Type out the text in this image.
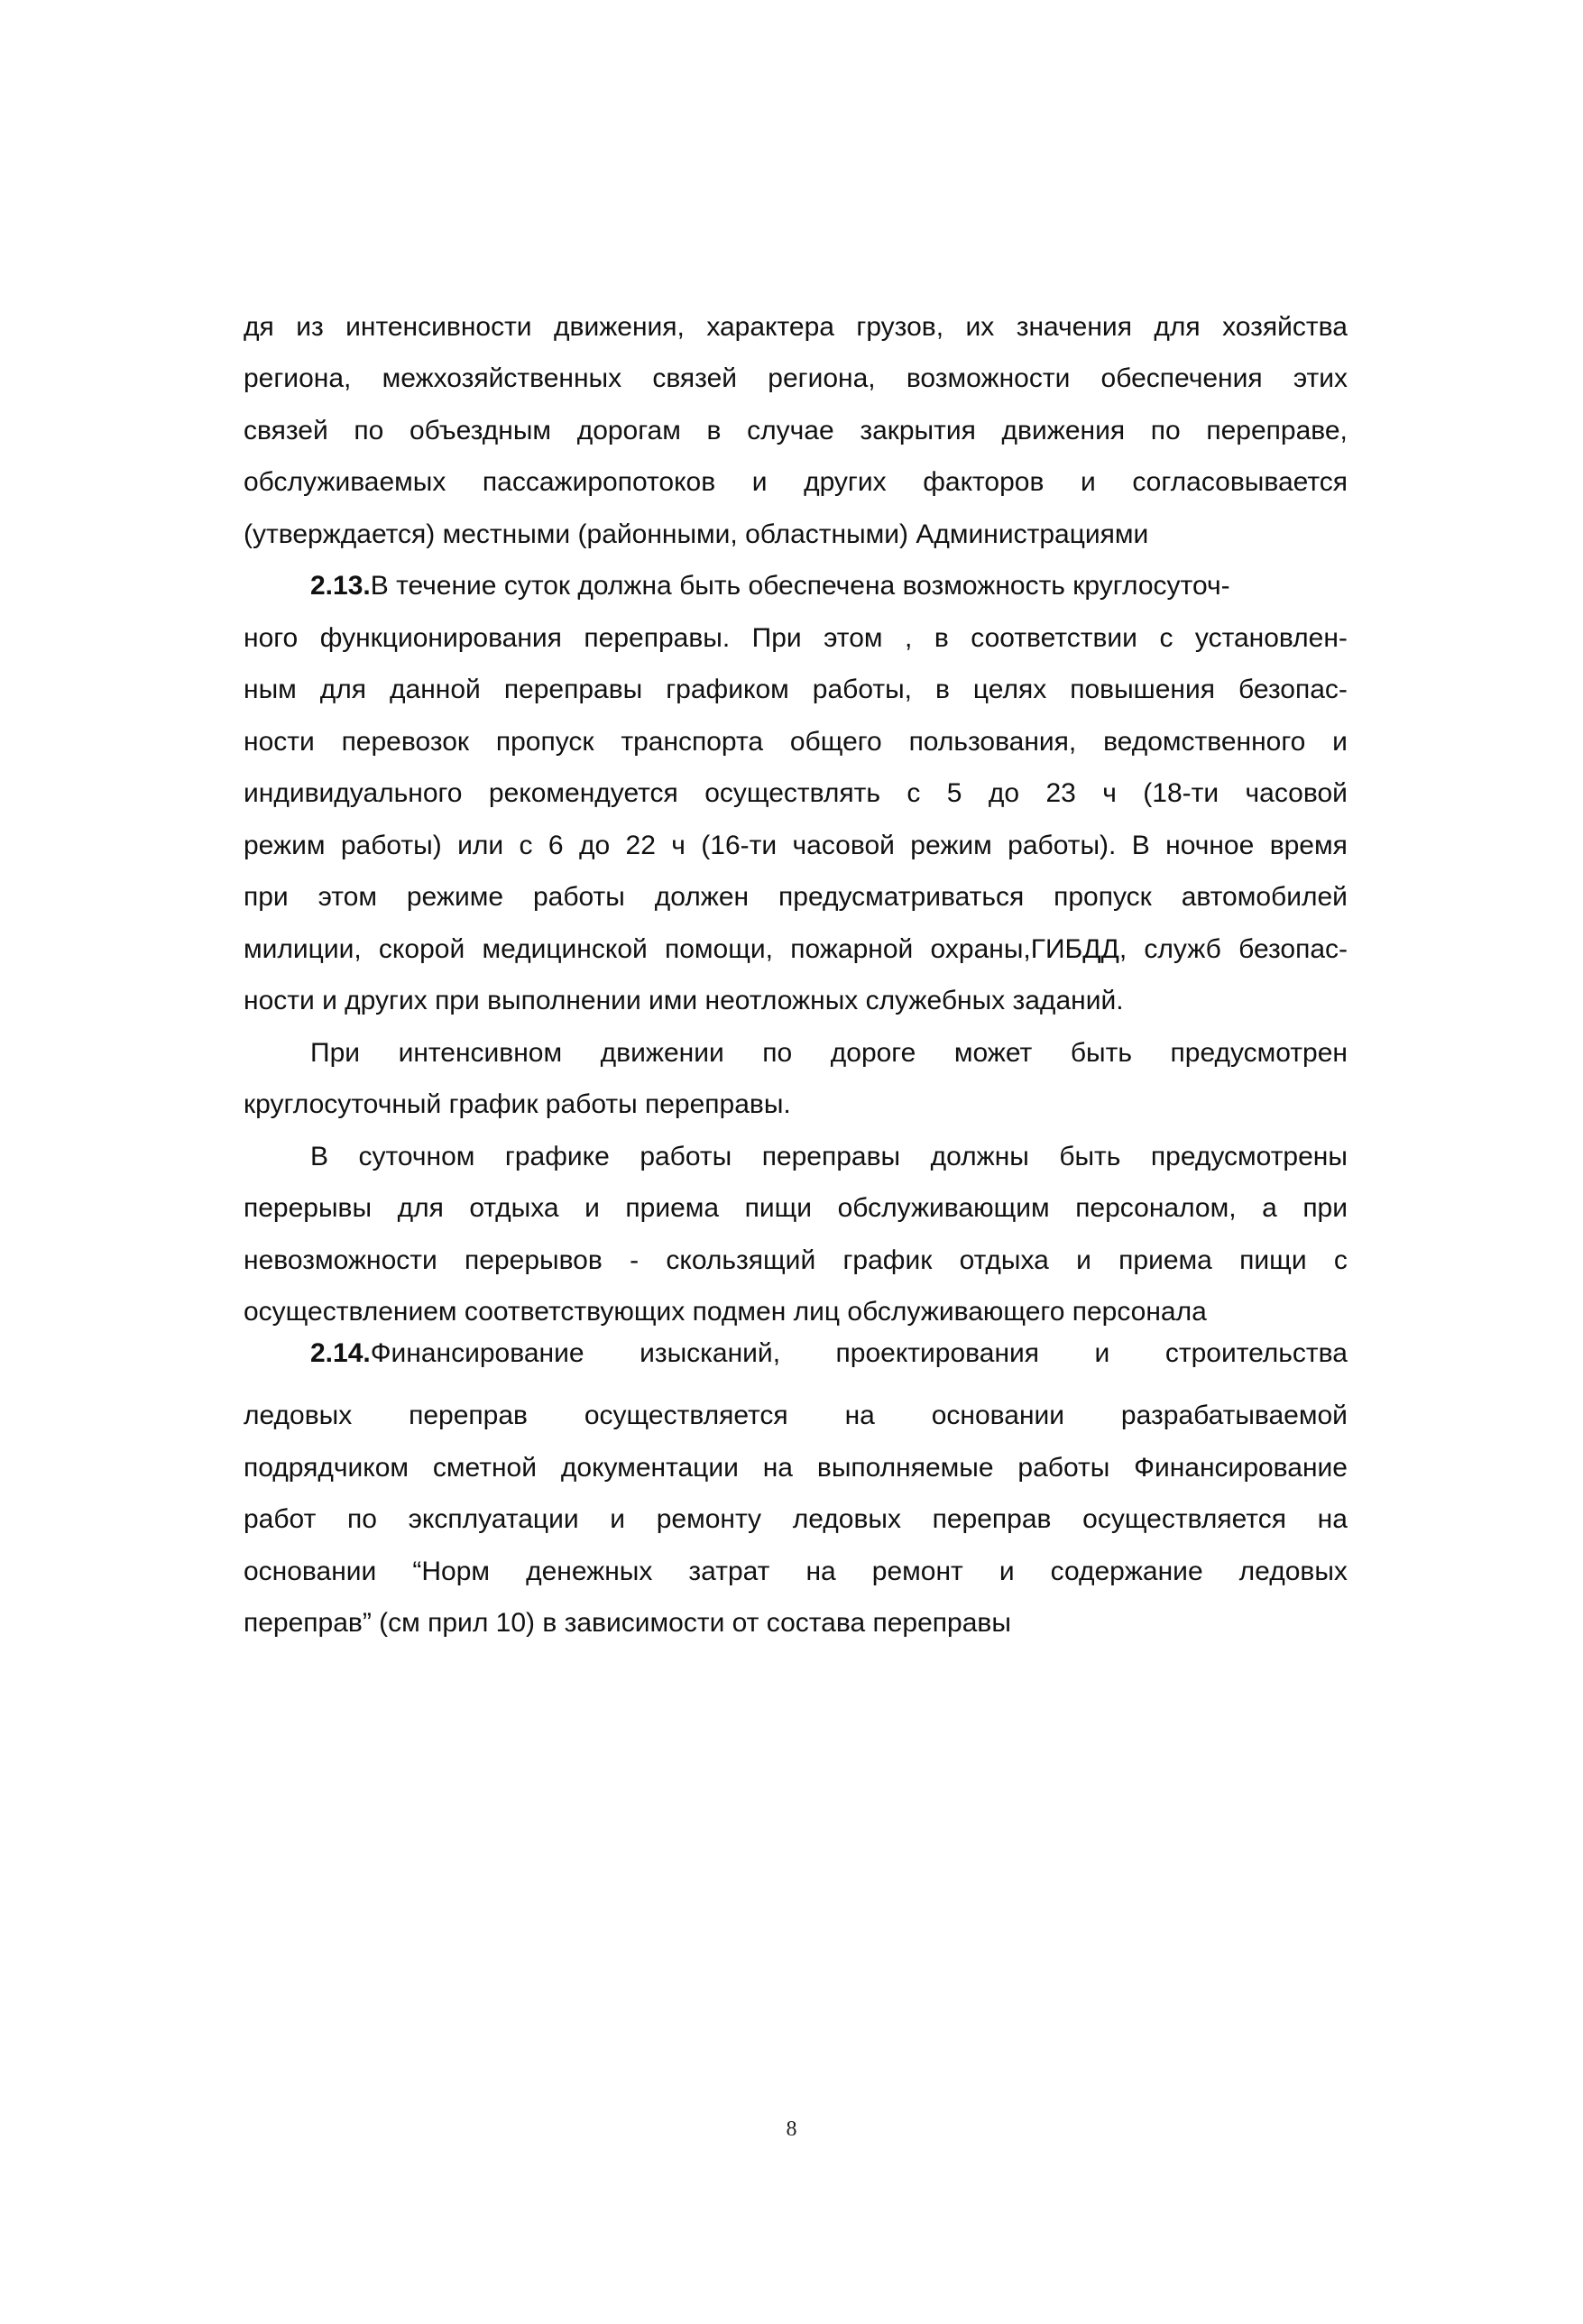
дя из интенсивности движения, характера грузов, их значения для хозяйства
региона, межхозяйственных связей региона, возможности обеспечения этих
связей по объездным дорогам в случае закрытия движения по переправе,
обслуживаемых пассажиропотоков и других факторов и согласовывается
(утверждается) местными (районными, областными) Администрациями
2.13. В течение суток должна быть обеспечена возможность круглосуточ-
ного функционирования переправы. При этом , в соответствии с установлен-
ным для данной переправы графиком работы, в целях повышения безопас-
ности перевозок пропуск транспорта общего пользования, ведомственного и
индивидуального рекомендуется осуществлять с 5 до 23 ч (18-ти часовой
режим работы) или с 6 до 22 ч (16-ти часовой режим работы). В ночное время
при этом режиме работы должен предусматриваться пропуск автомобилей
милиции, скорой медицинской помощи, пожарной охраны,ГИБДД, служб безопас-
ности и других при выполнении ими неотложных служебных заданий.
При интенсивном движении по дороге может быть предусмотрен
круглосуточный график работы переправы.
В суточном графике работы переправы должны быть предусмотрены
перерывы для отдыха и приема пищи обслуживающим персоналом, а при
невозможности перерывов - скользящий график отдыха и приема пищи с
осуществлением соответствующих подмен лиц обслуживающего персонала
2.14.Финансирование изысканий, проектирования и строительства
ледовых переправ осуществляется на основании разрабатываемой
подрядчиком сметной документации на выполняемые работы Финансирование
работ по эксплуатации и ремонту ледовых переправ осуществляется на
основании “Норм денежных затрат на ремонт и содержание ледовых
переправ” (см прил 10) в зависимости от состава переправы
8
